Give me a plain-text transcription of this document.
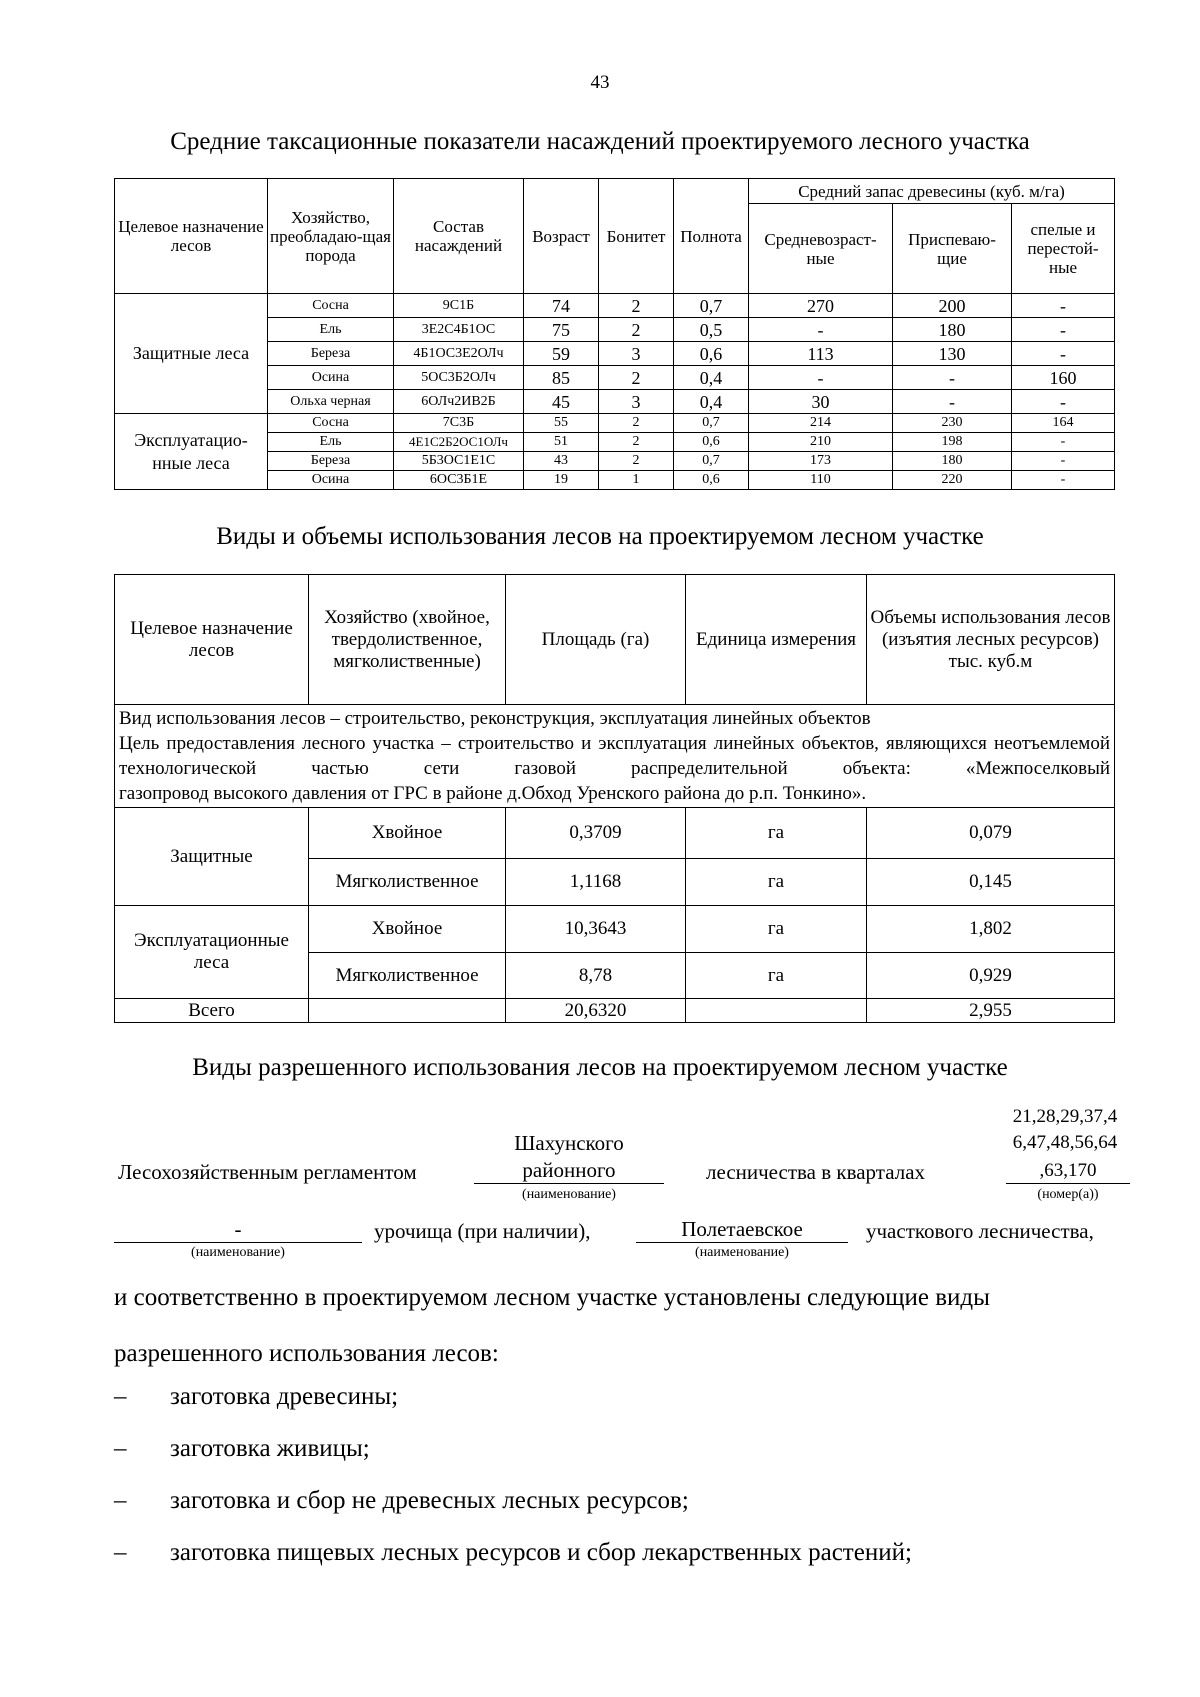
43
Средние таксационные показатели насаждений проектируемого лесного участка
Целевое назначение лесов	Хозяйство, преобладаю-щая порода	Состав насаждений	Возраст	Бонитет	Полнота	Средний запас древесины (куб. м/га)		
						Средневозраст-ные	Приспеваю-щие	спелые и перестой-ные
Защитные леса	Сосна	9С1Б	74	2	0,7	270	200	-
	Ель	3Е2С4Б1ОС	75	2	0,5	-	180	-
	Береза	4Б1ОС3Е2ОЛч	59	3	0,6	113	130	-
	Осина	5ОС3Б2ОЛч	85	2	0,4	-	-	160
	Ольха черная	6ОЛч2ИВ2Б	45	3	0,4	30	-	-
Эксплуатацио-нные леса	Сосна	7С3Б	55	2	0,7	214	230	164
	Ель	4Е1С2Б2ОС1ОЛч	51	2	0,6	210	198	-
	Береза	5Б3ОС1Е1С	43	2	0,7	173	180	-
	Осина	6ОС3Б1Е	19	1	0,6	110	220	-
Виды и объемы использования лесов на проектируемом лесном участке
Целевое назначение лесов	Хозяйство (хвойное, твердолиственное, мягколиственные)	Площадь (га)	Единица измерения	Объемы использования лесов (изъятия лесных ресурсов) тыс. куб.м

Вид использования лесов – строительство, реконструкция, эксплуатация линейных объектов
Цель предоставления лесного участка – строительство и эксплуатация линейных объектов, являющихся неотъемлемой технологической частью сети газовой распределительной объекта: «Межпоселковый
газопровод высокого давления от ГРС в районе д.Обход Уренского района до р.п. Тонкино».				

Защитные	Хвойное	0,3709	га	0,079
	Мягколиственное	1,1168	га	0,145
Эксплуатационные леса	Хвойное	10,3643	га	1,802
	Мягколиственное	8,78	га	0,929
Всего		20,6320		2,955
Виды разрешенного использования лесов на проектируемом лесном участке
Лесохозяйственным регламентом
Шахунского
районного
(наименование)
лесничества в кварталах
21,28,29,37,4
6,47,48,56,64
,63,170
(номер(а))
-
(наименование)
урочища (при наличии),	Полетаевское
(наименование)
участкового лесничества,
и соответственно в проектируемом лесном участке установлены следующие виды разрешенного использования лесов:
– заготовка древесины;
– заготовка живицы;
– заготовка и сбор не древесных лесных ресурсов;
– заготовка пищевых лесных ресурсов и сбор лекарственных растений;
